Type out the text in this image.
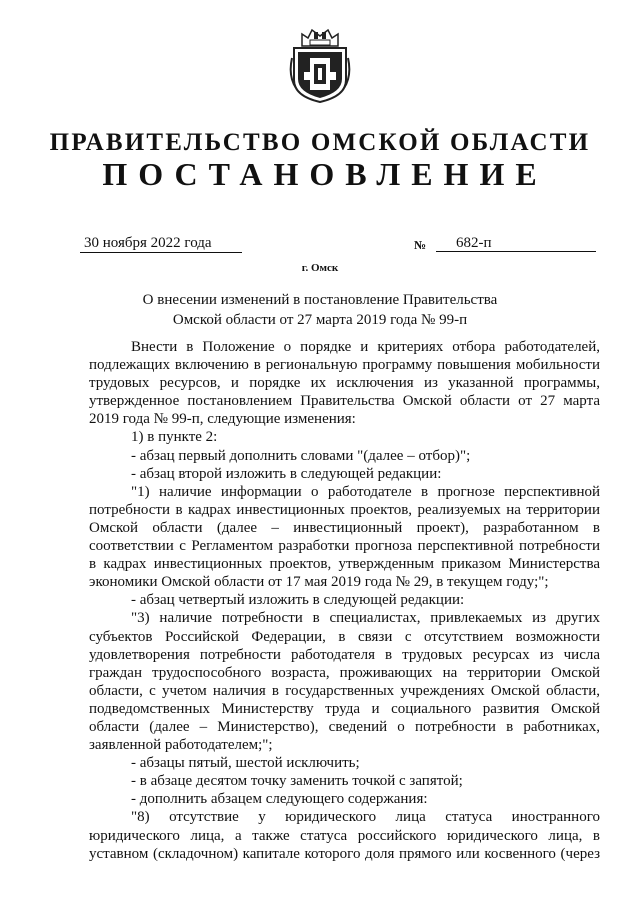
ПРАВИТЕЛЬСТВО ОМСКОЙ ОБЛАСТИ
ПОСТАНОВЛЕНИЕ
30 ноября 2022 года	№	682-п
г. Омск
О внесении изменений в постановление Правительства
Омской области от 27 марта 2019 года № 99-п

Внести в Положение о порядке и критериях отбора работодателей, подлежащих включению в региональную программу повышения мобильности трудовых ресурсов, и порядке их исключения из указанной программы, утвержденное постановлением Правительства Омской области от 27 марта 2019 года № 99-п, следующие изменения:

1) в пункте 2:

- абзац первый дополнить словами "(далее – отбор)";

- абзац второй изложить в следующей редакции:

"1) наличие информации о работодателе в прогнозе перспективной потребности в кадрах инвестиционных проектов, реализуемых на территории Омской области (далее – инвестиционный проект), разработанном в соответствии с Регламентом разработки прогноза перспективной потребности в кадрах инвестиционных проектов, утвержденным приказом Министерства экономики Омской области от 17 мая 2019 года № 29, в текущем году;";

- абзац четвертый изложить в следующей редакции:

"3) наличие потребности в специалистах, привлекаемых из других субъектов Российской Федерации, в связи с отсутствием возможности удовлетворения потребности работодателя в трудовых ресурсах из числа граждан трудоспособного возраста, проживающих на территории Омской области, с учетом наличия в государственных учреждениях Омской области, подведомственных Министерству труда и социального развития Омской области (далее – Министерство), сведений о потребности в работниках, заявленной работодателем;";

- абзацы пятый, шестой исключить;

- в абзаце десятом точку заменить точкой с запятой;

- дополнить абзацем следующего содержания:

"8) отсутствие у юридического лица статуса иностранного юридического лица, а также статуса российского юридического лица, в уставном (складочном) капитале которого доля прямого или косвенного (через
